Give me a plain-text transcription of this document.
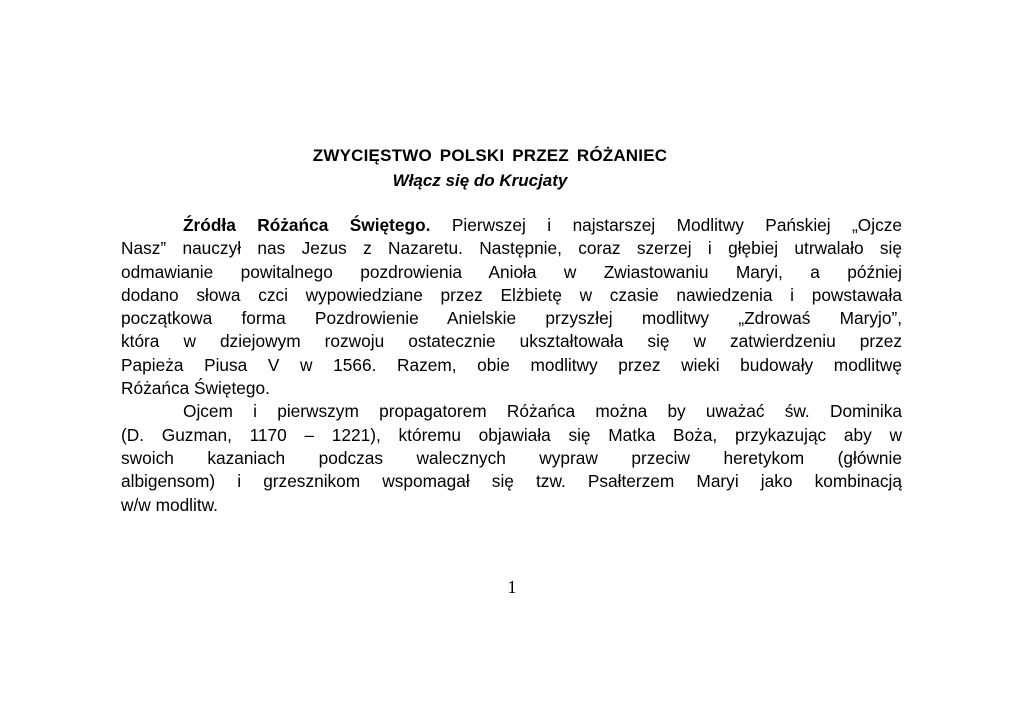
ZWYCIĘSTWO POLSKI PRZEZ RÓŻANIEC
Włącz się do Krucjaty

Źródła Różańca Świętego. Pierwszej i najstarszej Modlitwy Pańskiej „Ojcze
Nasz” nauczył nas Jezus z Nazaretu. Następnie, coraz szerzej i głębiej utrwalało się
odmawianie powitalnego pozdrowienia Anioła w Zwiastowaniu Maryi, a później
dodano słowa czci wypowiedziane przez Elżbietę w czasie nawiedzenia i powstawała
początkowa forma Pozdrowienie Anielskie przyszłej modlitwy „Zdrowaś Maryjo”,
która w dziejowym rozwoju ostatecznie ukształtowała się w zatwierdzeniu przez
Papieża Piusa V w 1566. Razem, obie modlitwy przez wieki budowały modlitwę
Różańca Świętego.

Ojcem i pierwszym propagatorem Różańca można by uważać św. Dominika
(D. Guzman, 1170 – 1221), któremu objawiała się Matka Boża, przykazując aby w
swoich kazaniach podczas walecznych wypraw przeciw heretykom (głównie
albigensom) i grzesznikom wspomagał się tzw. Psałterzem Maryi jako kombinacją
w/w modlitw.

1
